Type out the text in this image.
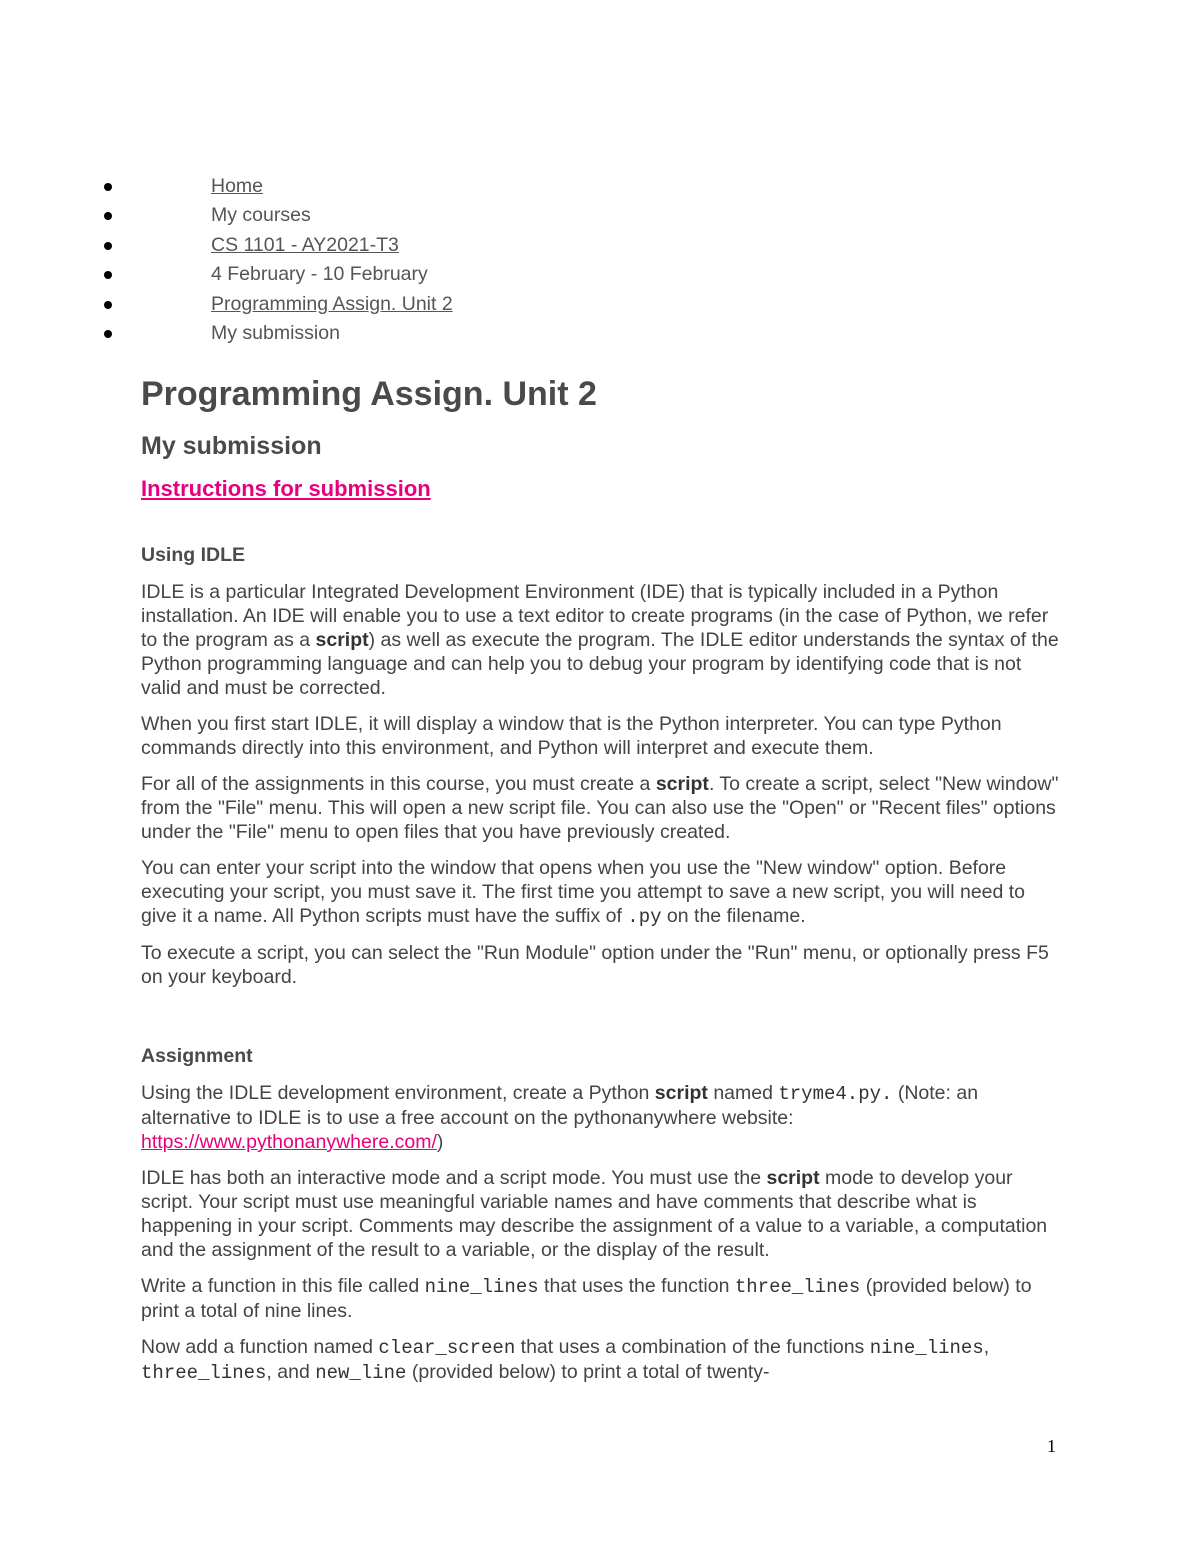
Home
My courses
CS 1101 - AY2021-T3
4 February - 10 February
Programming Assign. Unit 2
My submission
Programming Assign. Unit 2
My submission
Instructions for submission
Using IDLE

IDLE is a particular Integrated Development Environment (IDE) that is typically included in a Python installation. An IDE will enable you to use a text editor to create programs (in the case of Python, we refer to the program as a script) as well as execute the program. The IDLE editor understands the syntax of the Python programming language and can help you to debug your program by identifying code that is not valid and must be corrected.

When you first start IDLE, it will display a window that is the Python interpreter. You can type Python commands directly into this environment, and Python will interpret and execute them.

For all of the assignments in this course, you must create a script. To create a script, select "New window" from the "File" menu. This will open a new script file. You can also use the "Open" or "Recent files" options under the "File" menu to open files that you have previously created.

You can enter your script into the window that opens when you use the "New window" option. Before executing your script, you must save it. The first time you attempt to save a new script, you will need to give it a name. All Python scripts must have the suffix of .py on the filename.

To execute a script, you can select the "Run Module" option under the "Run" menu, or optionally press F5 on your keyboard.

Assignment

Using the IDLE development environment, create a Python script named tryme4.py. (Note: an alternative to IDLE is to use a free account on the pythonanywhere website: https://www.pythonanywhere.com/)

IDLE has both an interactive mode and a script mode. You must use the script mode to develop your script. Your script must use meaningful variable names and have comments that describe what is happening in your script. Comments may describe the assignment of a value to a variable, a computation and the assignment of the result to a variable, or the display of the result.

Write a function in this file called nine_lines that uses the function three_lines (provided below) to print a total of nine lines.

Now add a function named clear_screen that uses a combination of the functions nine_lines, three_lines, and new_line (provided below) to print a total of twenty-

1
